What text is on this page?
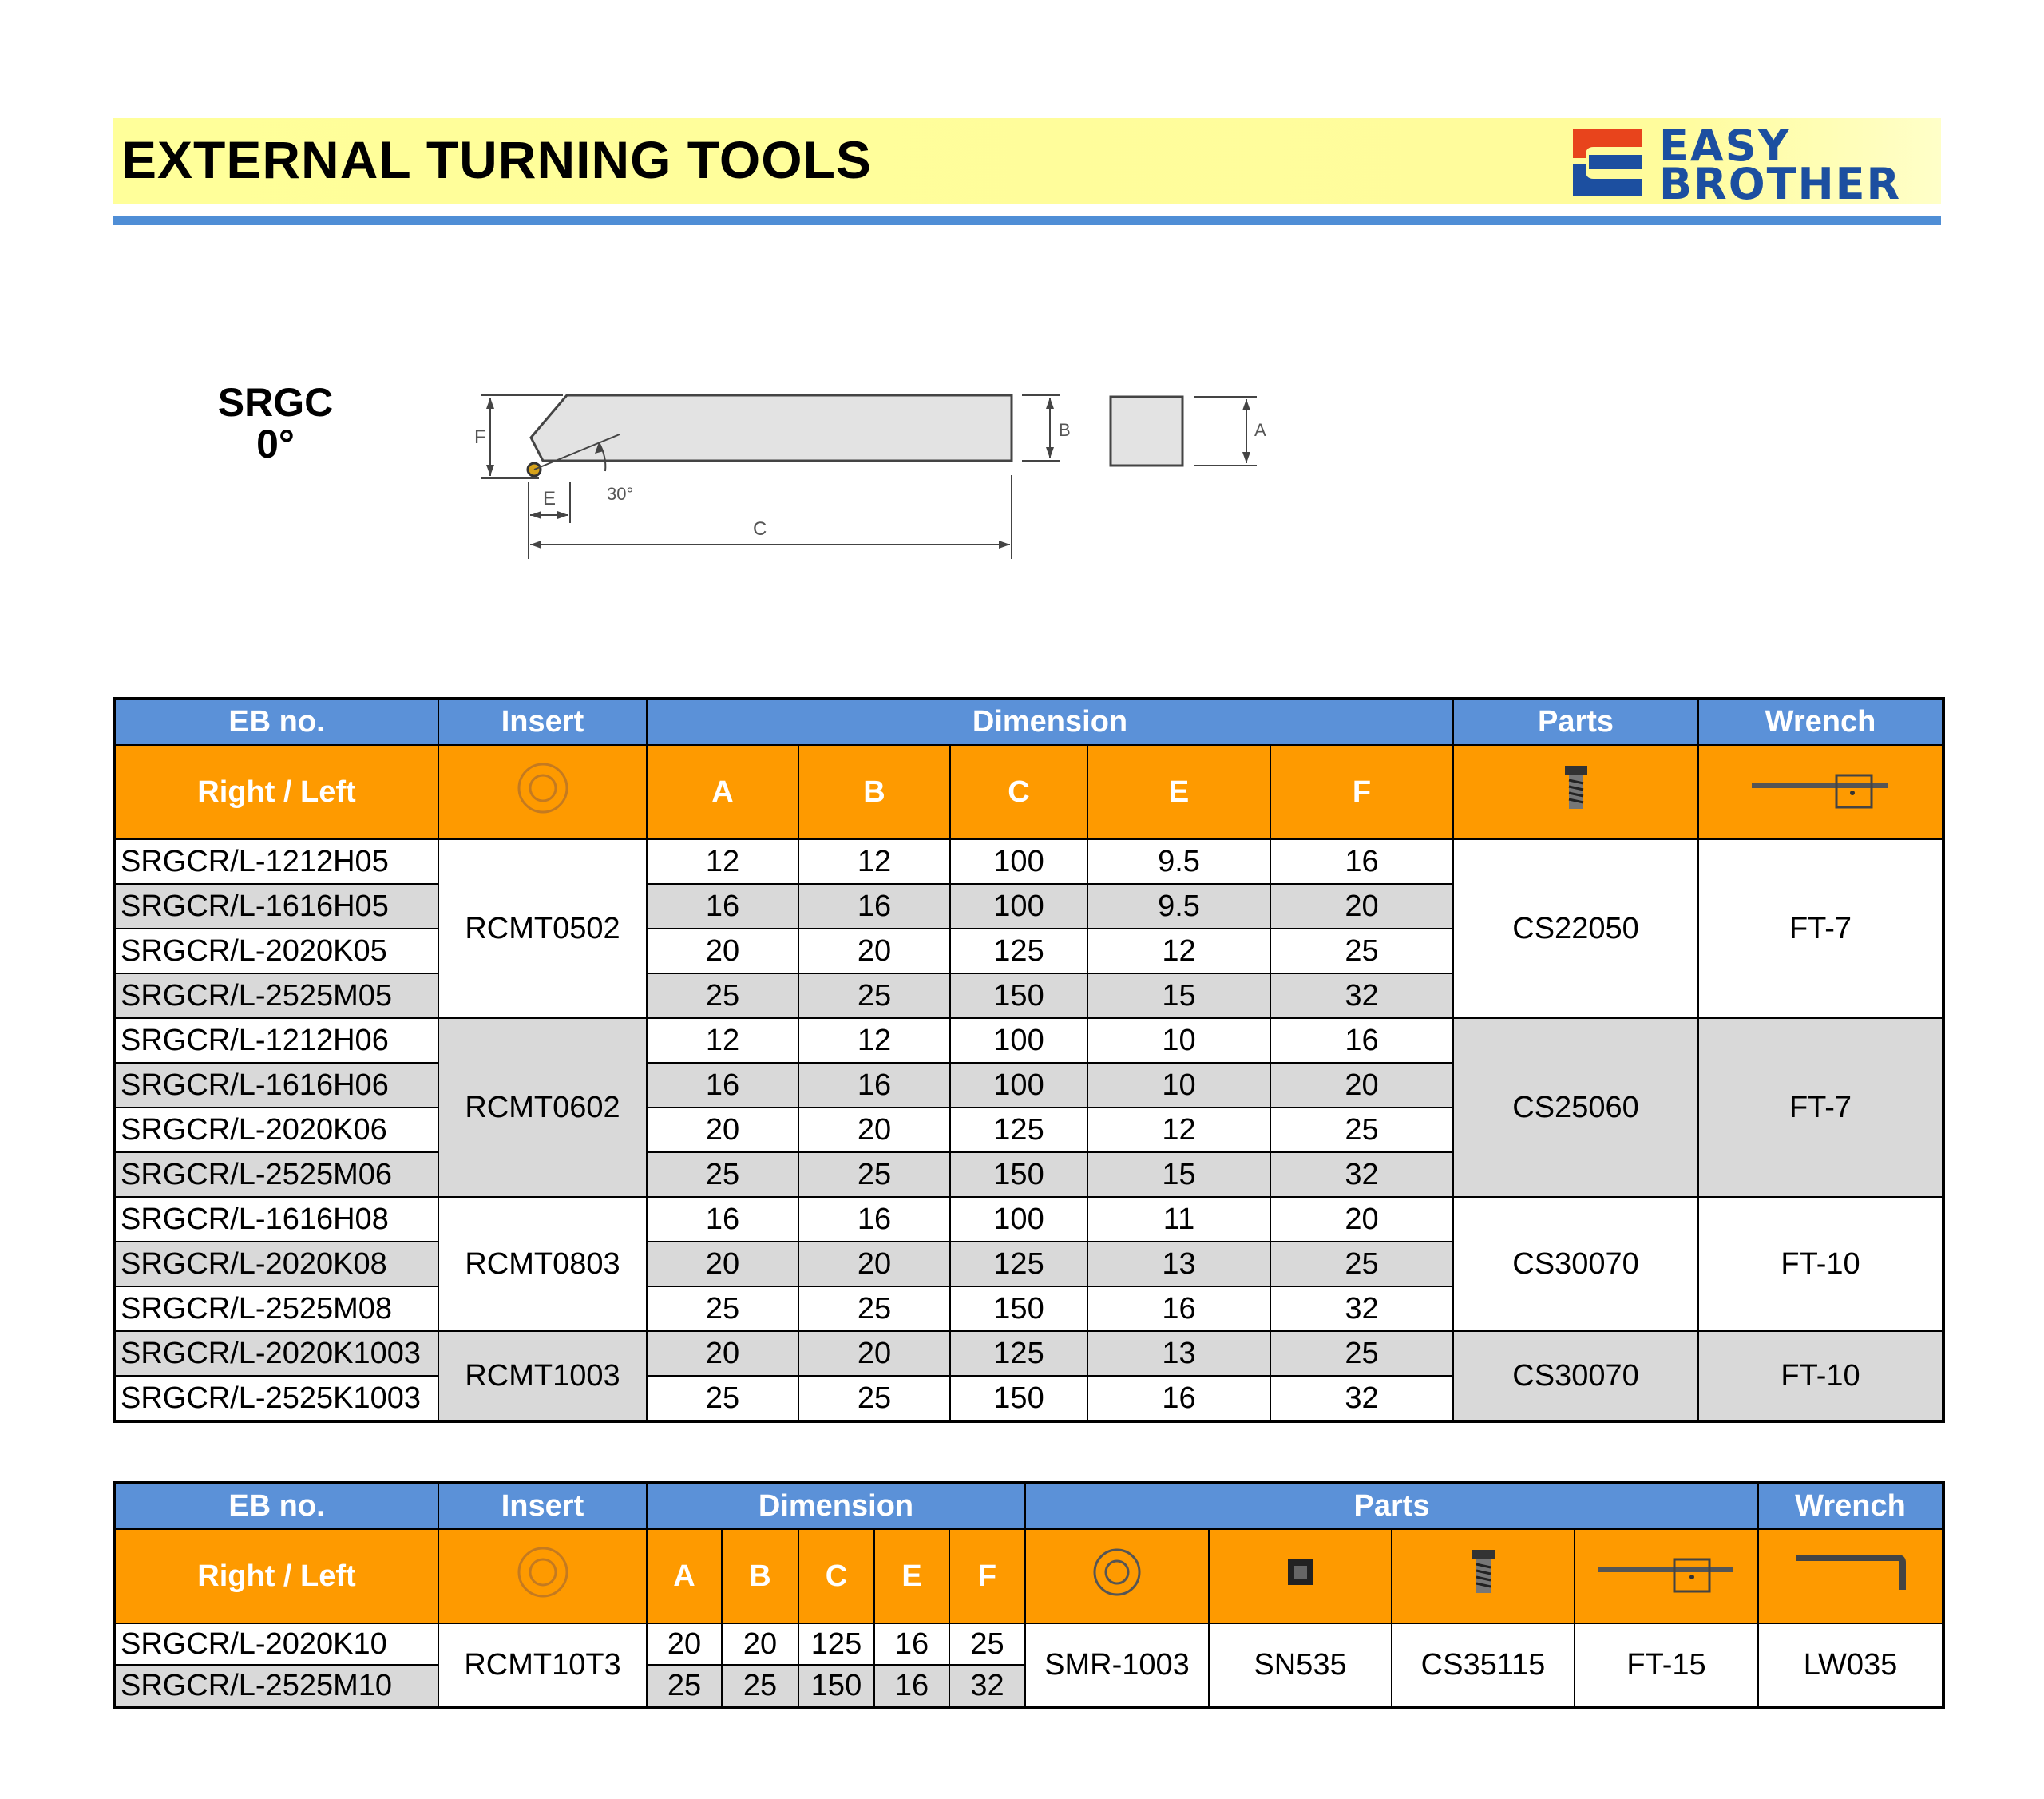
EXTERNAL TURNING TOOLS	EASY
BROTHER
SRGC
0°	F
30°
E
C
B	A
EB no.	Insert	Dimension					Parts	Wrench
Right / Left		A	B	C	E	F		
SRGCR/L-1212H05	RCMT0502	12	12	100	9.5	16	CS22050	FT-7
SRGCR/L-1616H05		16	16	100	9.5	20		
SRGCR/L-2020K05		20	20	125	12	25		
SRGCR/L-2525M05		25	25	150	15	32		
SRGCR/L-1212H06	RCMT0602	12	12	100	10	16	CS25060	FT-7
SRGCR/L-1616H06		16	16	100	10	20		
SRGCR/L-2020K06		20	20	125	12	25		
SRGCR/L-2525M06		25	25	150	15	32		
SRGCR/L-1616H08	RCMT0803	16	16	100	11	20	CS30070	FT-10
SRGCR/L-2020K08		20	20	125	13	25		
SRGCR/L-2525M08		25	25	150	16	32		
SRGCR/L-2020K1003	RCMT1003	20	20	125	13	25	CS30070	FT-10
SRGCR/L-2525K1003		25	25	150	16	32		
EB no.	Insert	Dimension					Parts				Wrench
Right / Left		A	B	C	E	F					
SRGCR/L-2020K10	RCMT10T3	20	20	125	16	25	SMR-1003	SN535	CS35115	FT-15	LW035
SRGCR/L-2525M10		25	25	150	16	32					
